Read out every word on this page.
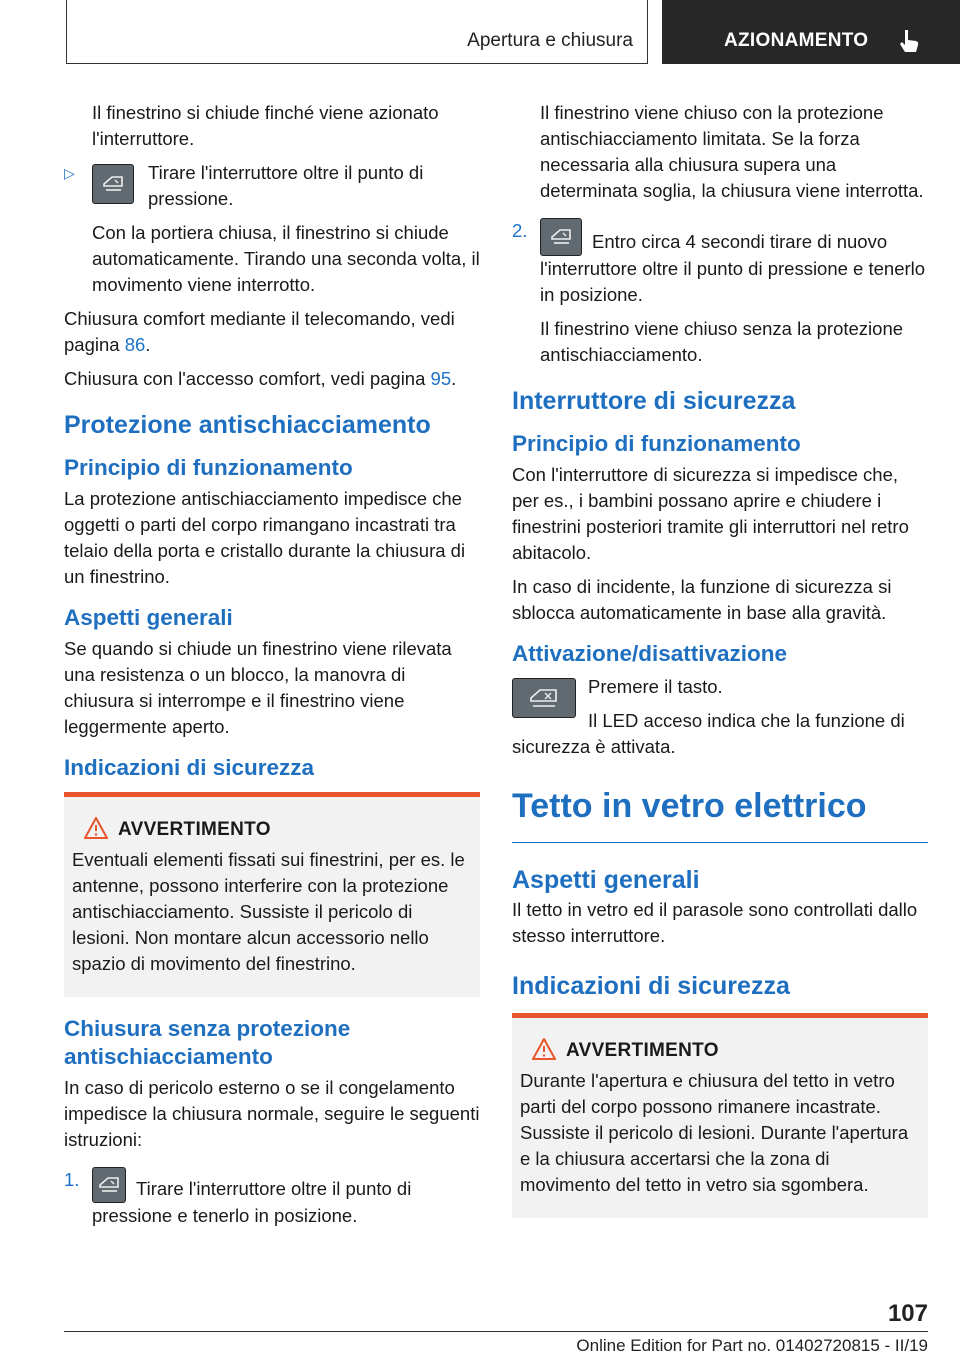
Apertura e chiusura	AZIONAMENTO

Il finestrino si chiude finché viene azionato l'interruttore.

▷	Tirare l'interruttore oltre il punto di pressione.

Con la portiera chiusa, il finestrino si chiude automaticamente. Tirando una seconda volta, il movimento viene interrotto.

Chiusura comfort mediante il telecomando, vedi pagina 86.

Chiusura con l'accesso comfort, vedi pagina 95.

Protezione antischiacciamento
Principio di funzionamento

La protezione antischiacciamento impedisce che oggetti o parti del corpo rimangano incastrati tra telaio della porta e cristallo durante la chiusura di un finestrino.

Aspetti generali

Se quando si chiude un finestrino viene rilevata una resistenza o un blocco, la manovra di chiusura si interrompe e il finestrino viene leggermente aperto.

Indicazioni di sicurezza
AVVERTIMENTO
Eventuali elementi fissati sui finestrini, per es. le antenne, possono interferire con la protezione antischiacciamento. Sussiste il pericolo di lesioni. Non montare alcun accessorio nello spazio di movimento del finestrino.
Chiusura senza protezione antischiacciamento

In caso di pericolo esterno o se il congelamento impedisce la chiusura normale, seguire le seguenti istruzioni:

1.	Tirare l'interruttore oltre il punto di pressione e tenerlo in posizione.

Il finestrino viene chiuso con la protezione antischiacciamento limitata. Se la forza necessaria alla chiusura supera una determinata soglia, la chiusura viene interrotta.

2.
Entro circa 4 secondi tirare di nuovo l'interruttore oltre il punto di pressione e tenerlo in posizione.

Il finestrino viene chiuso senza la protezione antischiacciamento.

Interruttore di sicurezza
Principio di funzionamento

Con l'interruttore di sicurezza si impedisce che, per es., i bambini possano aprire e chiudere i finestrini posteriori tramite gli interruttori nel retro abitacolo.

In caso di incidente, la funzione di sicurezza si sblocca automaticamente in base alla gravità.

Attivazione/disattivazione

Premere il tasto.

Il LED acceso indica che la funzione di sicurezza è attivata.

Tetto in vetro elettrico
Aspetti generali

Il tetto in vetro ed il parasole sono controllati dallo stesso interruttore.

Indicazioni di sicurezza
AVVERTIMENTO
Durante l'apertura e chiusura del tetto in vetro parti del corpo possono rimanere incastrate. Sussiste il pericolo di lesioni. Durante l'apertura e la chiusura accertarsi che la zona di movimento del tetto in vetro sia sgombera.
107
Online Edition for Part no. 01402720815 - II/19
